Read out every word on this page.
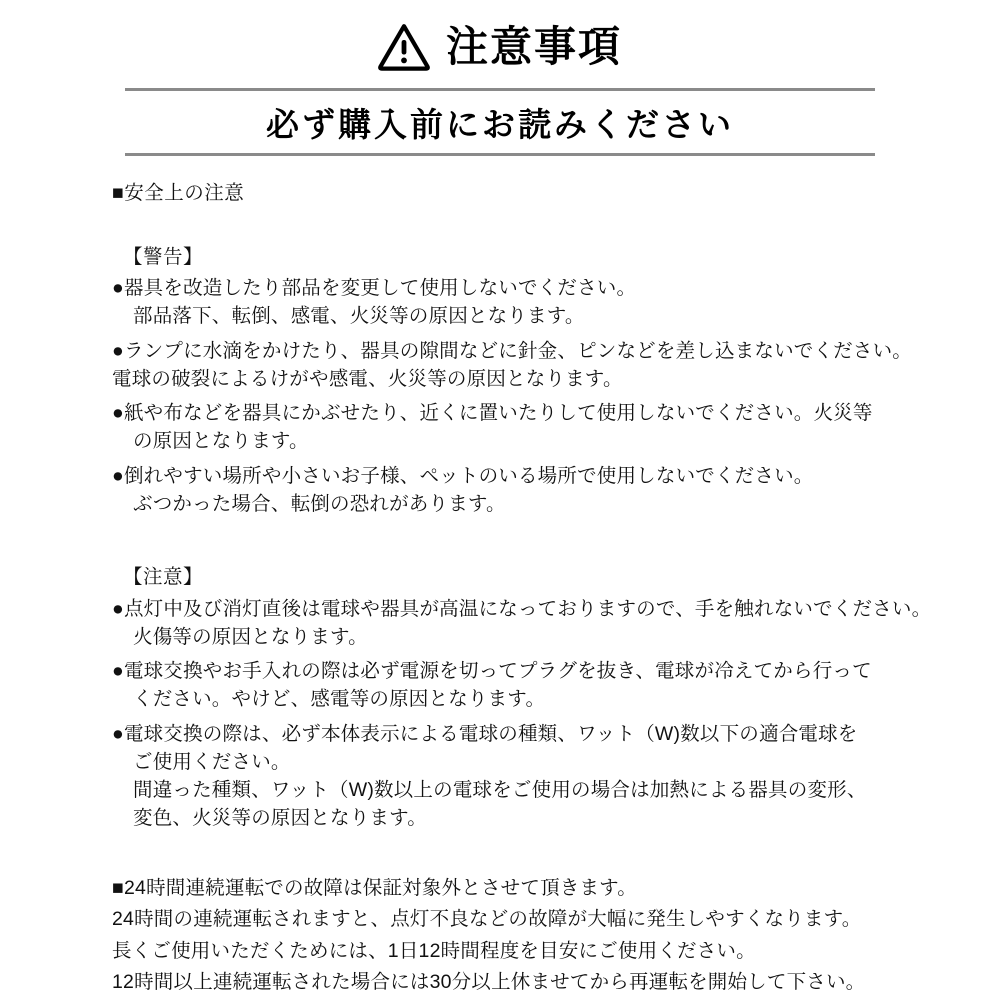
注意事項
必ず購入前にお読みください
■安全上の注意
【警告】
●器具を改造したり部品を変更して使用しないでください。
部品落下、転倒、感電、火災等の原因となります。
●ランプに水滴をかけたり、器具の隙間などに針金、ピンなどを差し込まないでください。
電球の破裂によるけがや感電、火災等の原因となります。
●紙や布などを器具にかぶせたり、近くに置いたりして使用しないでください。火災等
の原因となります。
●倒れやすい場所や小さいお子様、ペットのいる場所で使用しないでください。
ぶつかった場合、転倒の恐れがあります。
【注意】
●点灯中及び消灯直後は電球や器具が高温になっておりますので、手を触れないでください。
火傷等の原因となります。
●電球交換やお手入れの際は必ず電源を切ってプラグを抜き、電球が冷えてから行って
ください。やけど、感電等の原因となります。
●電球交換の際は、必ず本体表示による電球の種類、ワット（W)数以下の適合電球を
ご使用ください。
間違った種類、ワット（W)数以上の電球をご使用の場合は加熱による器具の変形、
変色、火災等の原因となります。
■24時間連続運転での故障は保証対象外とさせて頂きます。
24時間の連続運転されますと、点灯不良などの故障が大幅に発生しやすくなります。
長くご使用いただくためには、1日12時間程度を目安にご使用ください。
12時間以上連続運転された場合には30分以上休ませてから再運転を開始して下さい。
